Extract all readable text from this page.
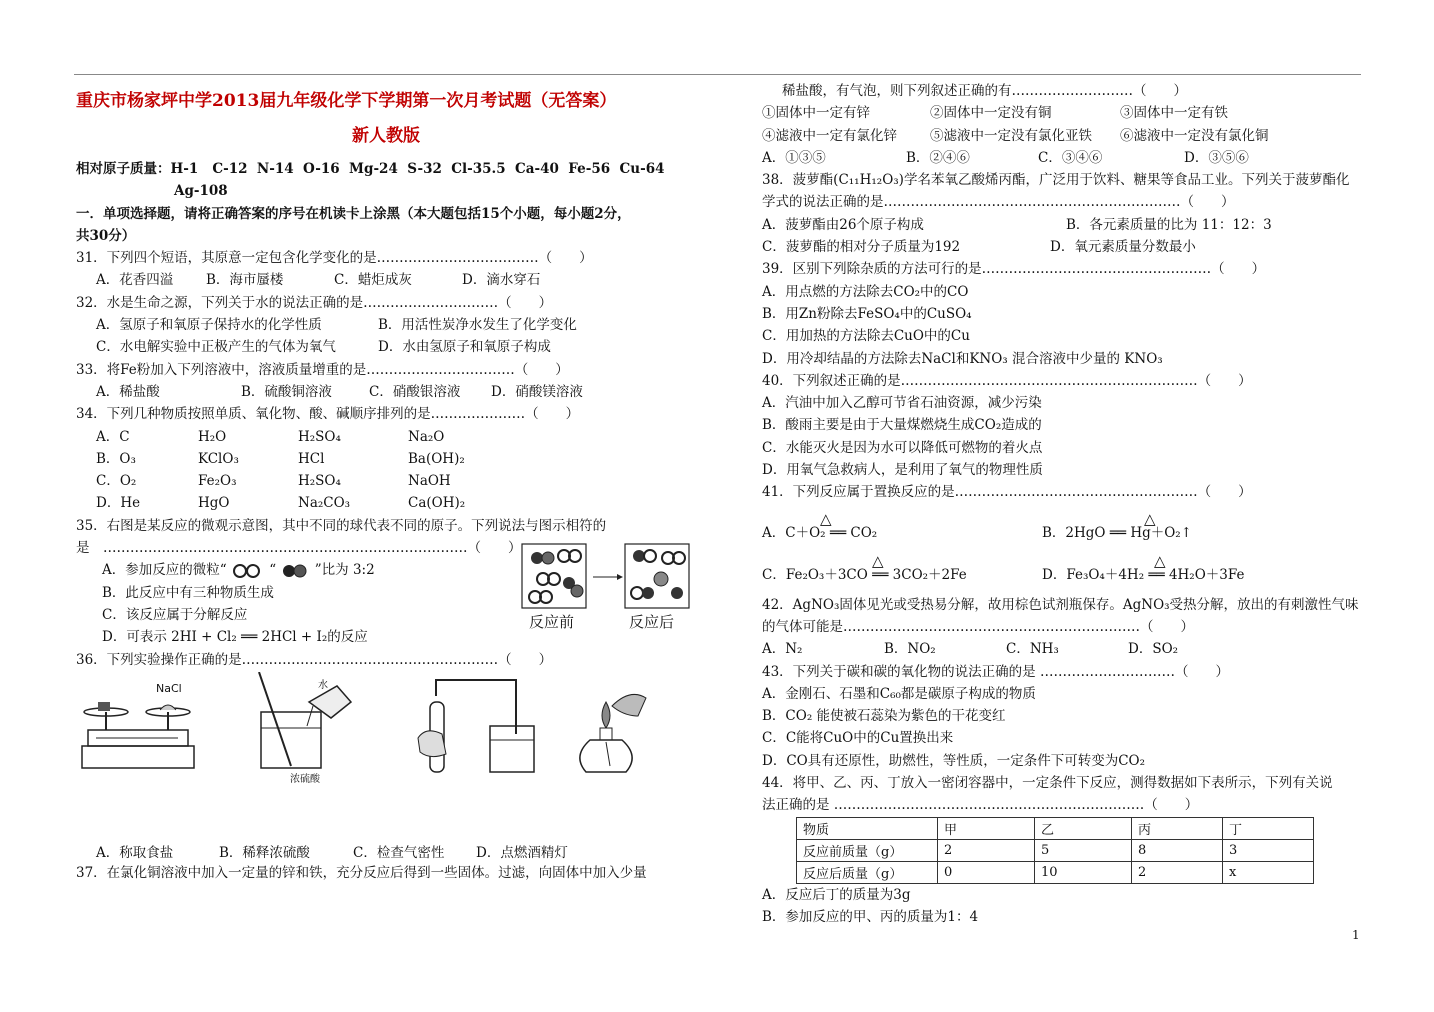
重庆市杨家坪中学2013届九年级化学下学期第一次月考试题（无答案）
新人教版
相对原子质量：H-1   C-12  N-14  O-16  Mg-24  S-32  Cl-35.5  Ca-40  Fe-56  Cu-64
Ag-108
一．单项选择题，请将正确答案的序号在机读卡上涂黑（本大题包括15个小题，每小题2分，
共30分）
31．下列四个短语，其原意一定包含化学变化的是………………………………（　　）
A．花香四溢 B．海市蜃楼	C．蜡炬成灰	D．滴水穿石
32．水是生命之源，下列关于水的说法正确的是…………………………（　　）
A．氢原子和氧原子保持水的化学性质	B．用活性炭净水发生了化学变化
C．水电解实验中正极产生的气体为氧气	D．水由氢原子和氧原子构成
33．将Fe粉加入下列溶液中，溶液质量增重的是……………………………（　　）
A．稀盐酸	B．硫酸铜溶液	C．硝酸银溶液 D．硝酸镁溶液
34．下列几种物质按照单质、氧化物、酸、碱顺序排列的是…………………（　　）
A．C	H₂O	H₂SO₄	Na₂O
B．O₃	KClO₃	HCl	Ba(OH)₂
C．O₂	Fe₂O₃	H₂SO₄	NaOH
D．He	HgO	Na₂CO₃	Ca(OH)₂
35．右图是某反应的微观示意图，其中不同的球代表不同的原子。下列说法与图示相符的
是　………………………………………………………………………（　　）
A．参加反应的微粒“	“	”比为 3:2
B．此反应中有三种物质生成
C．该反应属于分解反应
D．可表示 2HI + Cl₂ ══ 2HCl + I₂的反应
反应前	反应后
36．下列实验操作正确的是…………………………………………………（　　）
NaCl	水
浓硫酸
A．称取食盐	B．稀释浓硫酸	C．检查气密性 D．点燃酒精灯
37．在氯化铜溶液中加入一定量的锌和铁，充分反应后得到一些固体。过滤，向固体中加入少量
稀盐酸，有气泡，则下列叙述正确的有………………………（　　）
①固体中一定有锌	②固体中一定没有铜	③固体中一定有铁
④滤液中一定有氯化锌 ⑤滤液中一定没有氯化亚铁 ⑥滤液中一定没有氯化铜
A．①③⑤	B．②④⑥	C．③④⑥	D．③⑤⑥
38．菠萝酯(C₁₁H₁₂O₃)学名苯氧乙酸烯丙酯，广泛用于饮料、糖果等食品工业。下列关于菠萝酯化
学式的说法正确的是…………………………………………………………（　　）
A．菠萝酯由26个原子构成	B．各元素质量的比为 11：12：3
C．菠萝酯的相对分子质量为192	D．氧元素质量分数最小
39．区别下列除杂质的方法可行的是……………………………………………（　　）
A．用点燃的方法除去CO₂中的CO
B．用Zn粉除去FeSO₄中的CuSO₄
C．用加热的方法除去CuO中的Cu
D．用冷却结晶的方法除去NaCl和KNO₃ 混合溶液中少量的 KNO₃
40．下列叙述正确的是…………………………………………………………（　　）
A．汽油中加入乙醇可节省石油资源，减少污染
B．酸雨主要是由于大量煤燃烧生成CO₂造成的
C．水能灭火是因为水可以降低可燃物的着火点
D．用氧气急救病人，是利用了氧气的物理性质
41．下列反应属于置换反应的是………………………………………………（　　）
△
A．C＋O₂ ══ CO₂
△
B．2HgO ══ Hg＋O₂↑
△
C．Fe₂O₃＋3CO ══ 3CO₂＋2Fe
△
D．Fe₃O₄＋4H₂ ══ 4H₂O＋3Fe
42．AgNO₃固体见光或受热易分解，故用棕色试剂瓶保存。AgNO₃受热分解，放出的有刺激性气味
的气体可能是…………………………………………………………（　　）
A．N₂	B．NO₂	C．NH₃	D．SO₂
43．下列关于碳和碳的氧化物的说法正确的是 …………………………（　　）
A．金刚石、石墨和C₆₀都是碳原子构成的物质
B．CO₂ 能使被石蕊染为紫色的干花变红
C．C能将CuO中的Cu置换出来
D．CO具有还原性，助燃性，等性质，一定条件下可转变为CO₂
44．将甲、乙、丙、丁放入一密闭容器中，一定条件下反应，测得数据如下表所示，下列有关说
法正确的是 ……………………………………………………………（　　）
物质	甲	乙	丙	丁
反应前质量（g）	2	5	8	3
反应后质量（g）	0	10	2	x
A．反应后丁的质量为3g
B．参加反应的甲、丙的质量为1：4
1
